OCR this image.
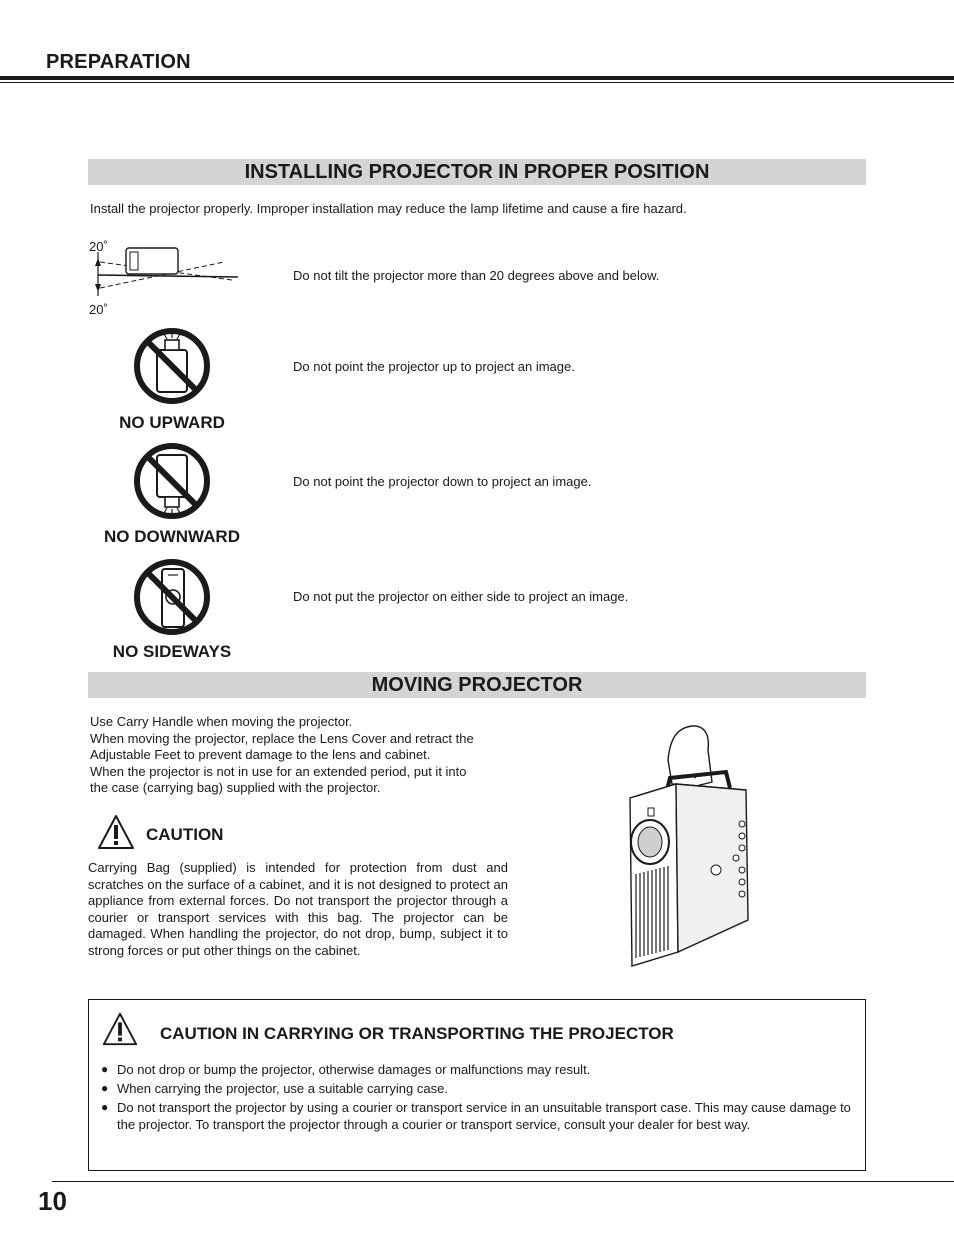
PREPARATION
INSTALLING PROJECTOR IN PROPER POSITION
Install the projector properly. Improper installation may reduce the lamp lifetime and cause a fire hazard.
20˚
20˚
Do not tilt the projector more than 20 degrees above and below.
NO UPWARD
Do not point the projector up to project an image.
NO DOWNWARD
Do not point the projector down to project an image.
NO SIDEWAYS
Do not put the projector on either side to project an image.
MOVING PROJECTOR
Use Carry Handle when moving the projector.
When moving the projector, replace the Lens Cover and retract the
Adjustable Feet to prevent damage to the lens and cabinet.
When the projector is not in use for an extended period, put it into
the case (carrying bag) supplied with the projector.
CAUTION
Carrying Bag (supplied) is intended for protection from dust and scratches on the surface of a cabinet, and it is not designed to protect an appliance from external forces. Do not transport the projector through a courier or transport services with this bag. The projector can be damaged. When handling the projector, do not drop, bump, subject it to strong forces or put other things on the cabinet.
CAUTION IN CARRYING OR TRANSPORTING THE PROJECTOR
● Do not drop or bump the projector, otherwise damages or malfunctions may result.
● When carrying the projector, use a suitable carrying case.
● Do not transport the projector by using a courier or transport service in an unsuitable transport case. This may cause damage to the projector. To transport the projector through a courier or transport service, consult your dealer for best way.
10
